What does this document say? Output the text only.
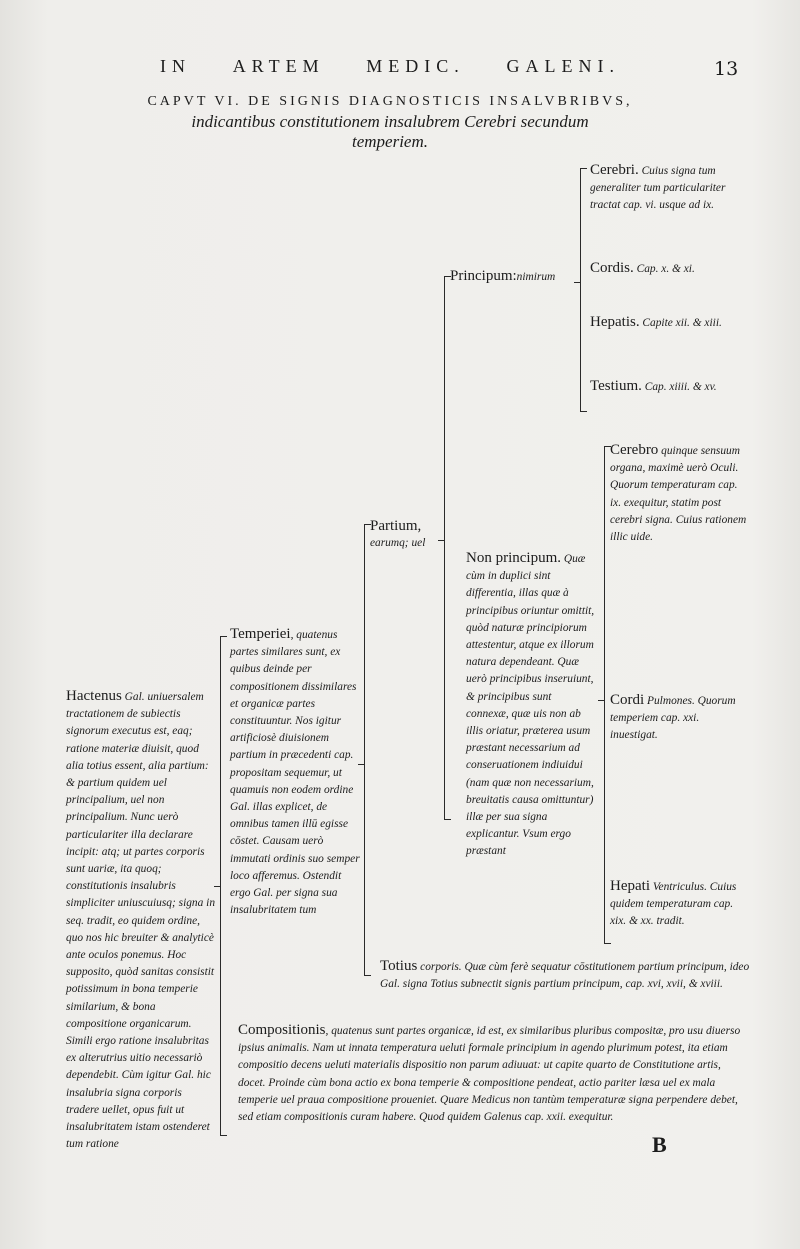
IN ARTEM MEDIC. GALENI.	13
CAPVT VI. DE SIGNIS DIAGNOSTICIS INSALVBRIBVS,
indicantibus constitutionem insalubrem Cerebri secundum
temperiem.
Hactenus Gal. uniuersalem tractationem de subiectis signorum executus est, eaq; ratione materiæ diuisit, quod alia totius essent, alia partium: & partium quidem uel principalium, uel non principalium. Nunc uerò particulariter illa declarare incipit: atq; ut partes corporis sunt uariæ, ita quoq; constitutionis insalubris simpliciter uniuscuiusq; signa in seq. tradit, eo quidem ordine, quo nos hic breuiter & analyticè ante oculos ponemus. Hoc supposito, quòd sanitas consistit potissimum in bona temperie similarium, & bona compositione organicarum. Simili ergo ratione insalubritas ex alterutrius uitio necessariò dependebit. Cùm igitur Gal. hic insalubria signa corporis tradere uellet, opus fuit ut insalubritatem istam ostenderet tum ratione
Temperiei, quatenus partes similares sunt, ex quibus deinde per compositionem dissimilares et organicæ partes constituuntur. Nos igitur artificiosè diuisionem partium in præcedenti cap. propositam sequemur, ut quamuis non eodem ordine Gal. illas explicet, de omnibus tamen illū egisse cōstet. Causam uerò immutati ordinis suo semper loco afferemus. Ostendit ergo Gal. per signa sua insalubritatem tum
Partium,
earumq; uel
Principum:nimirum
Cerebri. Cuius signa tum generaliter tum particulariter tractat cap. vi. usque ad ix.
Cordis. Cap. x. & xi.
Hepatis. Capite xii. & xiii.
Testium. Cap. xiiii. & xv.
Non principum. Quæ cùm in duplici sint differentia, illas quæ à principibus oriuntur omittit, quòd naturæ principiorum attestentur, atque ex illorum natura dependeant. Quæ uerò principibus inseruiunt, & principibus sunt connexæ, quæ uis non ab illis oriatur, præterea usum præstant necessarium ad conseruationem indiuidui (nam quæ non necessarium, breuitatis causa omittuntur) illæ per sua signa explicantur. Vsum ergo præstant
Cerebro quinque sensuum organa, maximè uerò Oculi. Quorum temperaturam cap. ix. exequitur, statim post cerebri signa. Cuius rationem illic uide.
Cordi Pulmones. Quorum temperiem cap. xxi. inuestigat.
Hepati Ventriculus. Cuius quidem temperaturam cap. xix. & xx. tradit.
Totius corporis. Quæ cùm ferè sequatur cōstitutionem partium principum, ideo Gal. signa Totius subnectit signis partium principum, cap. xvi, xvii, & xviii.
Compositionis, quatenus sunt partes organicæ, id est, ex similaribus pluribus compositæ, pro usu diuerso ipsius animalis. Nam ut innata temperatura ueluti formale principium in agendo plurimum potest, ita etiam compositio decens ueluti materialis dispositio non parum adiuuat: ut capite quarto de Constitutione artis, docet. Proinde cùm bona actio ex bona temperie & compositione pendeat, actio pariter læsa uel ex mala temperie uel praua compositione proueniet. Quare Medicus non tantùm temperaturæ signa perpendere debet, sed etiam compositionis curam habere. Quod quidem Galenus cap. xxii. exequitur.
B
